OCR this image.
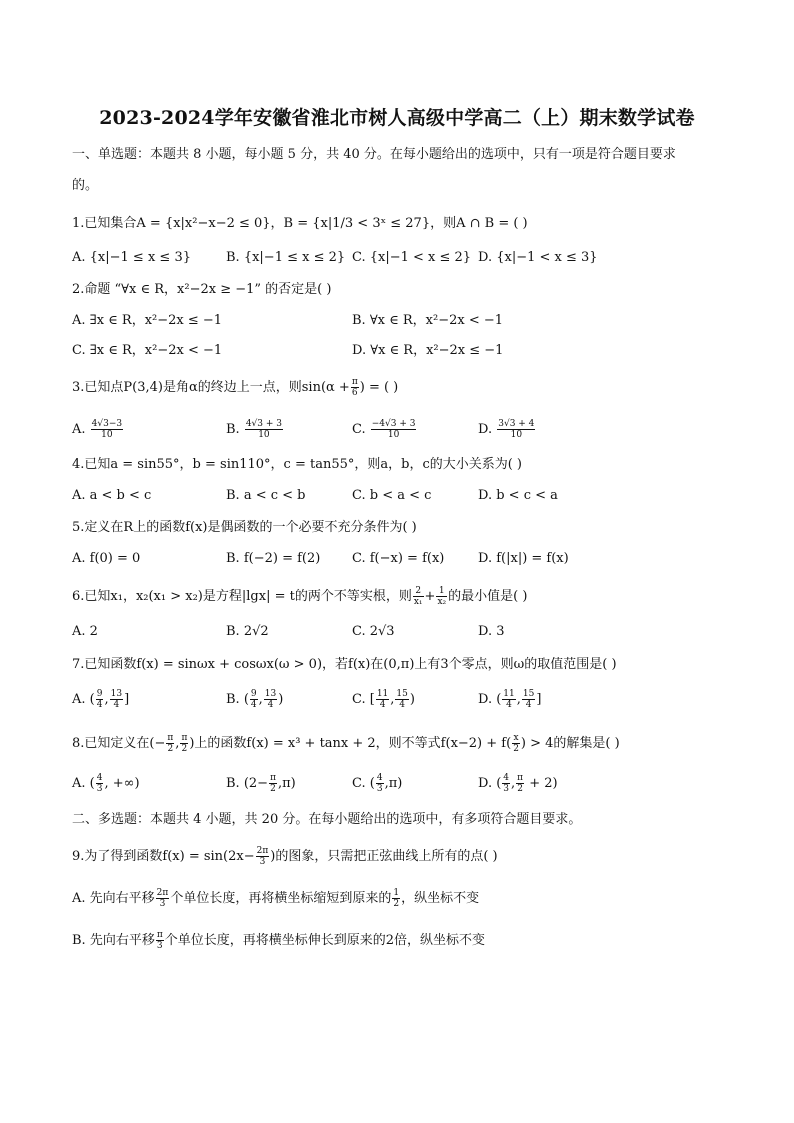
2023-2024学年安徽省淮北市树人高级中学高二（上）期末数学试卷
一、单选题：本题共 8 小题，每小题 5 分，共 40 分。在每小题给出的选项中，只有一项是符合题目要求
的。
1.已知集合A = {x|x²−x−2 ≤ 0}，B = {x|1/3 < 3ˣ ≤ 27}，则A ∩ B = ( )
A. {x|−1 ≤ x ≤ 3}	B. {x|−1 ≤ x ≤ 2} C. {x|−1 < x ≤ 2} D. {x|−1 < x ≤ 3}
2.命题 “∀x ∈ R，x²−2x ≥ −1” 的否定是( )
A. ∃x ∈ R，x²−2x ≤ −1	B. ∀x ∈ R，x²−2x < −1
C. ∃x ∈ R，x²−2x < −1	D. ∀x ∈ R，x²−2x ≤ −1
3.已知点P(3,4)是角α的终边上一点，则$\sin(\alpha + \frac{\pi}{6}$ ) = ( )
A. $\frac{4√3-3}{10}$	B. $\frac{4√3 + 3}{10}$	C. $\frac{-4√3 + 3}{10}$	D. $\frac{3√3 + 4}{10}$
4.已知a = sin55°，b = sin110°，c = tan55°，则a，b，c的大小关系为( )
A. a < b < c	B. a < c < b	C. b < a < c	D. b < c < a
5.定义在R上的函数f(x)是偶函数的一个必要不充分条件为( )
A. f(0) = 0	B. f(−2) = f(2) C. f(−x) = f(x)	D. f(|x|) = f(x)
6.已知x₁，x₂(x₁ > x₂)是方程|lgx| = t的两个不等实根，则 $\frac{2}{\text{x₁}} + \frac{1}{\text{x₂}}$ 的最小值是( )
A. 2	B. 2√2	C. 2√3	D. 3
7.已知函数f(x) = sinωx + cosωx(ω > 0)，若f(x)在(0,π)上有3个零点，则ω的取值范围是( )
A. ( $\frac{9}{4}$ , $\frac{13}{4}$ ]	B. ( $\frac{9}{4}$ , $\frac{13}{4}$ )	C. [ $\frac{11}{4}$ , $\frac{15}{4}$ )	D. ( $\frac{11}{4}$ , $\frac{15}{4}$ ]
8.已知定义在(− $\frac{\pi}{2}$ , $\frac{\pi}{2}$ )上的函数f(x) = x³ + tanx + 2，则不等式$f(x-2) + f( \frac{x}{2}$ ) > 4的解集是( )
A. ( $\frac{4}{3}$ , +∞)	B. $(2- \frac{\pi}{2} ,\pi)$	C. ( $\frac{4}{3} ,\pi$)	D. ( $\frac{4}{3}$ , $\frac{\pi}{2} + 2$)
二、多选题：本题共 4 小题，共 20 分。在每小题给出的选项中，有多项符合题目要求。
9.为了得到函数$f(x) = \sin(2x- \frac{2\pi}{3}$ )的图象，只需把正弦曲线上所有的点( )
A. 先向右平移 $\frac{2\pi}{3}$ 个单位长度，再将横坐标缩短到原来的 $\frac{1}{2}$ ，纵坐标不变
B. 先向右平移 $\frac{\pi}{3}$ 个单位长度，再将横坐标伸长到原来的2倍，纵坐标不变
